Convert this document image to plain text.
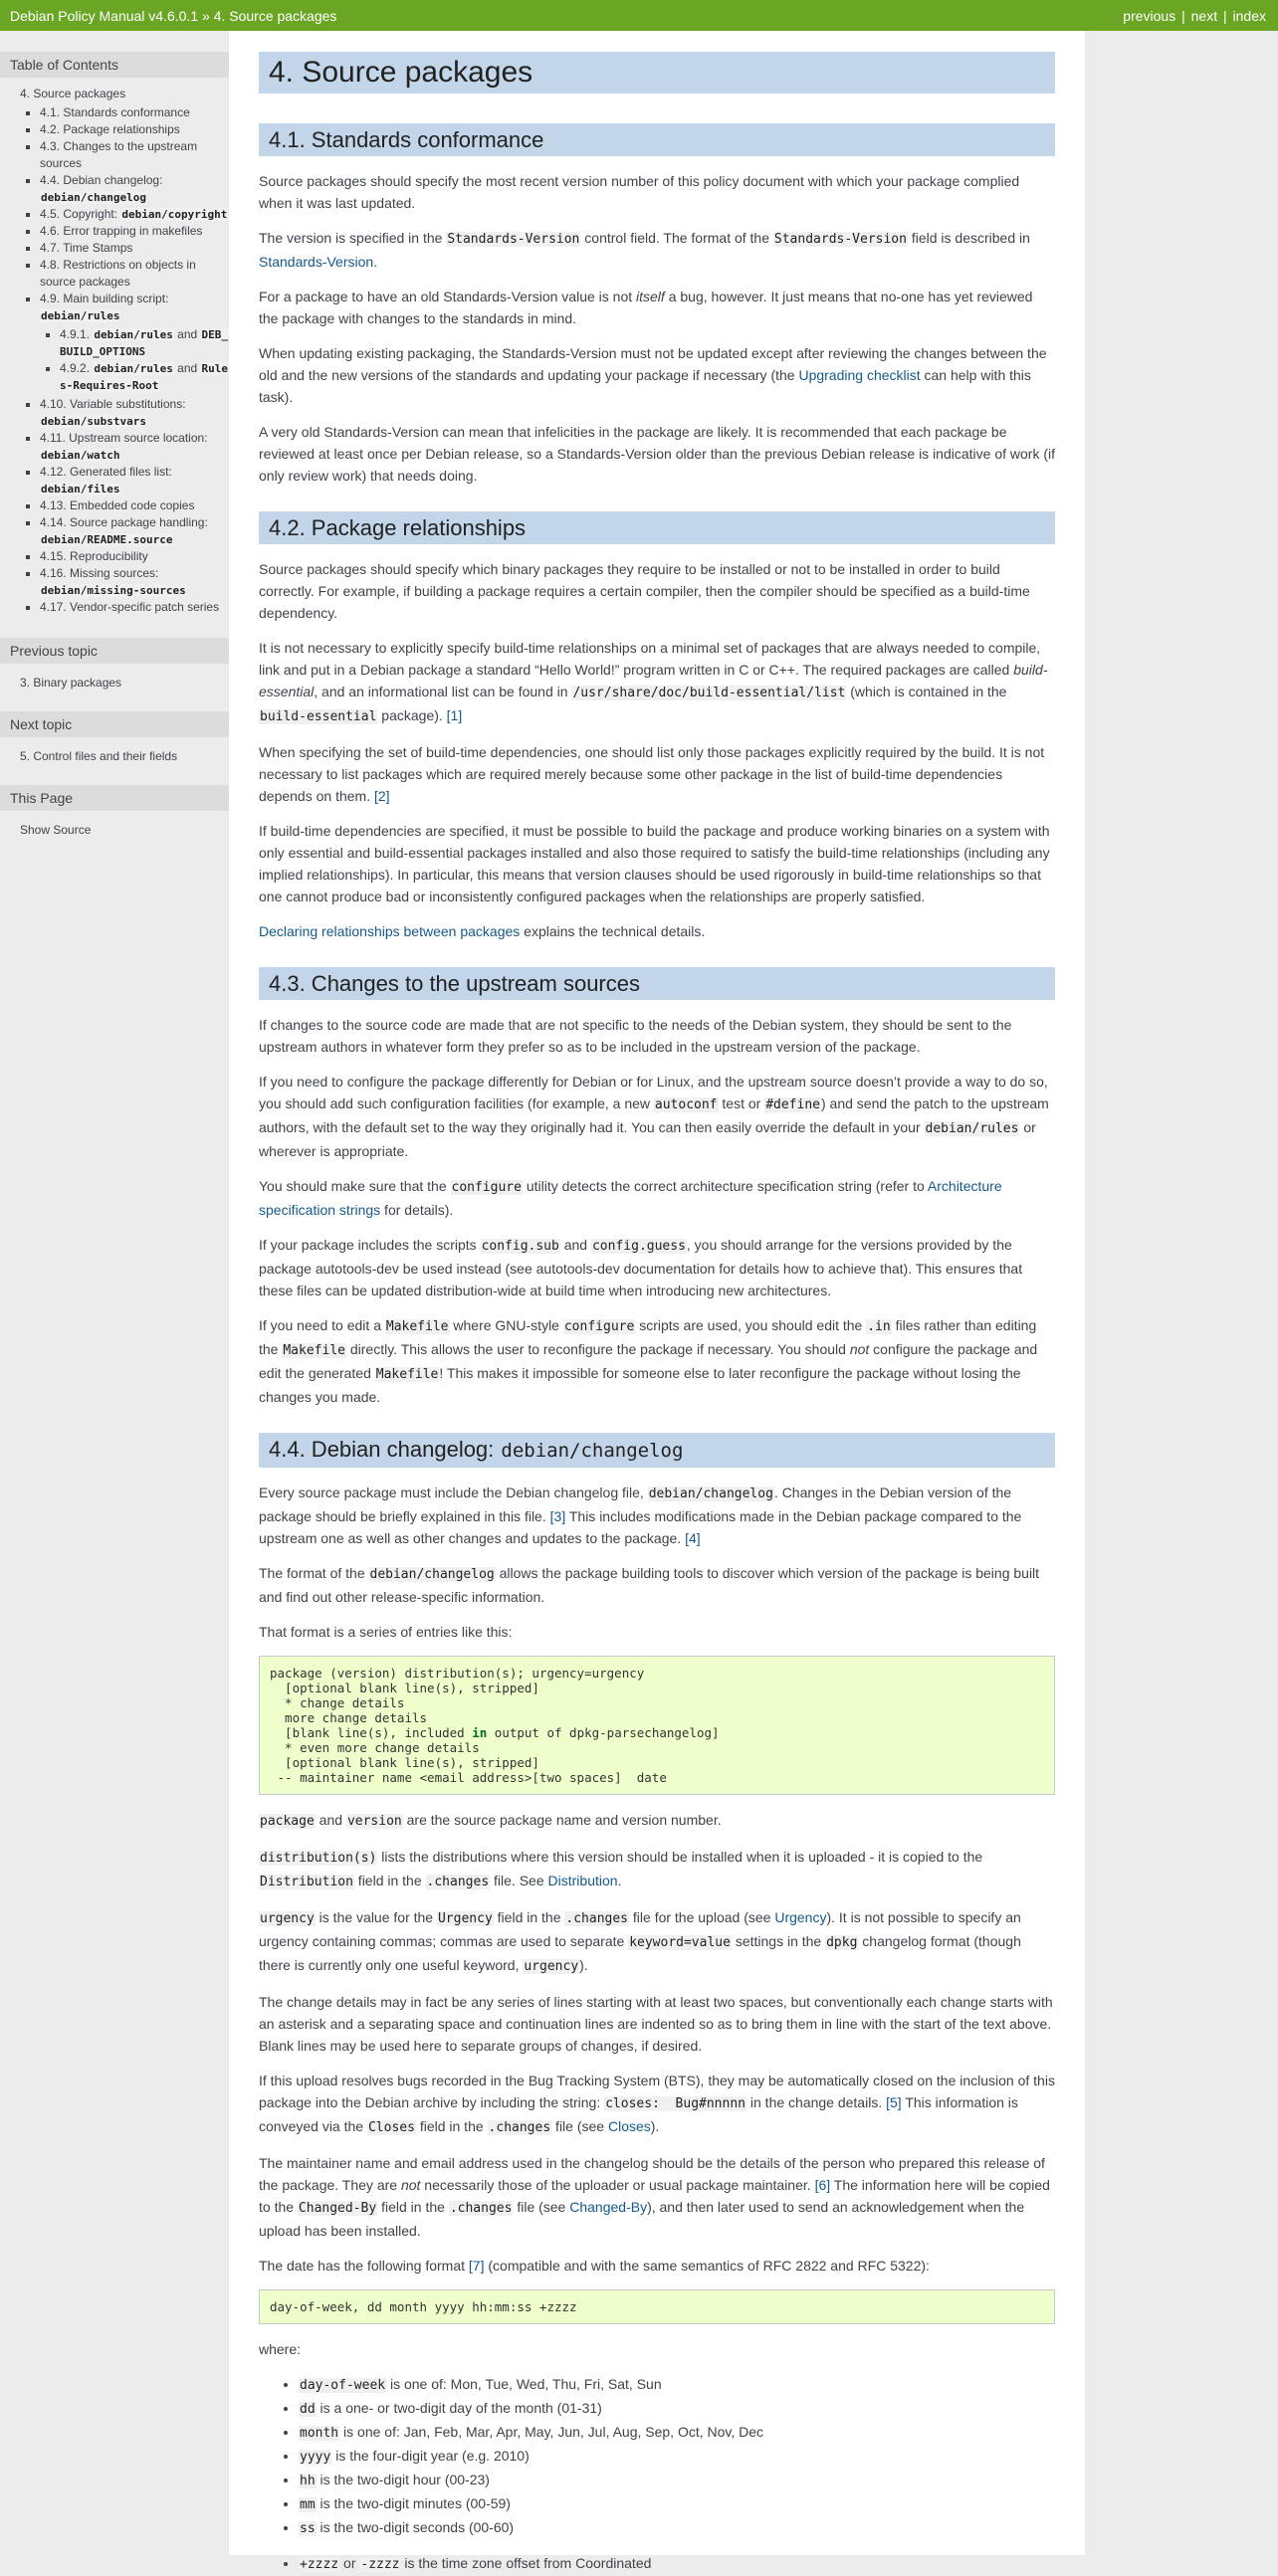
Debian Policy Manual v4.6.0.1 » 4. Source packages	previous | next | index
Table of Contents
4. Source packages
▪ 4.1. Standards conformance
▪ 4.2. Package relationships
▪ 4.3. Changes to the upstream sources
▪ 4.4. Debian changelog: debian/changelog
▪ 4.5. Copyright: debian/copyright
▪ 4.6. Error trapping in makefiles
▪ 4.7. Time Stamps
▪ 4.8. Restrictions on objects in source packages
▪ 4.9. Main building script: debian/rules
▪ 4.9.1. debian/rules and DEB_BUILD_OPTIONS
▪ 4.9.2. debian/rules and Rules-Requires-Root
▪ 4.10. Variable substitutions: debian/substvars
▪ 4.11. Upstream source location: debian/watch
▪ 4.12. Generated files list: debian/files
▪ 4.13. Embedded code copies
▪ 4.14. Source package handling: debian/README.source
▪ 4.15. Reproducibility
▪ 4.16. Missing sources: debian/missing-sources
▪ 4.17. Vendor-specific patch series
Previous topic

3. Binary packages

Next topic

5. Control files and their fields

This Page

Show Source

4. Source packages
4.1. Standards conformance

Source packages should specify the most recent version number of this policy document with which your package complied when it was last updated.

The version is specified in the Standards-Version control field. The format of the Standards-Version field is described in Standards-Version.

For a package to have an old Standards-Version value is not itself a bug, however. It just means that no-one has yet reviewed the package with changes to the standards in mind.

When updating existing packaging, the Standards-Version must not be updated except after reviewing the changes between the old and the new versions of the standards and updating your package if necessary (the Upgrading checklist can help with this task).

A very old Standards-Version can mean that infelicities in the package are likely. It is recommended that each package be reviewed at least once per Debian release, so a Standards-Version older than the previous Debian release is indicative of work (if only review work) that needs doing.

4.2. Package relationships

Source packages should specify which binary packages they require to be installed or not to be installed in order to build correctly. For example, if building a package requires a certain compiler, then the compiler should be specified as a build-time dependency.

It is not necessary to explicitly specify build-time relationships on a minimal set of packages that are always needed to compile, link and put in a Debian package a standard “Hello World!” program written in C or C++. The required packages are called build-essential, and an informational list can be found in /usr/share/doc/build-essential/list (which is contained in the build-essential package). [1]

When specifying the set of build-time dependencies, one should list only those packages explicitly required by the build. It is not necessary to list packages which are required merely because some other package in the list of build-time dependencies depends on them. [2]

If build-time dependencies are specified, it must be possible to build the package and produce working binaries on a system with only essential and build-essential packages installed and also those required to satisfy the build-time relationships (including any implied relationships). In particular, this means that version clauses should be used rigorously in build-time relationships so that one cannot produce bad or inconsistently configured packages when the relationships are properly satisfied.

Declaring relationships between packages explains the technical details.

4.3. Changes to the upstream sources

If changes to the source code are made that are not specific to the needs of the Debian system, they should be sent to the upstream authors in whatever form they prefer so as to be included in the upstream version of the package.

If you need to configure the package differently for Debian or for Linux, and the upstream source doesn’t provide a way to do so, you should add such configuration facilities (for example, a new autoconf test or #define) and send the patch to the upstream authors, with the default set to the way they originally had it. You can then easily override the default in your debian/rules or wherever is appropriate.

You should make sure that the configure utility detects the correct architecture specification string (refer to Architecture specification strings for details).

If your package includes the scripts config.sub and config.guess, you should arrange for the versions provided by the package autotools-dev be used instead (see autotools-dev documentation for details how to achieve that). This ensures that these files can be updated distribution-wide at build time when introducing new architectures.

If you need to edit a Makefile where GNU-style configure scripts are used, you should edit the .in files rather than editing the Makefile directly. This allows the user to reconfigure the package if necessary. You should not configure the package and edit the generated Makefile! This makes it impossible for someone else to later reconfigure the package without losing the changes you made.

4.4. Debian changelog: debian/changelog

Every source package must include the Debian changelog file, debian/changelog. Changes in the Debian version of the package should be briefly explained in this file. [3] This includes modifications made in the Debian package compared to the upstream one as well as other changes and updates to the package. [4]

The format of the debian/changelog allows the package building tools to discover which version of the package is being built and find out other release-specific information.

That format is a series of entries like this:

package (version) distribution(s); urgency=urgency
[optional blank line(s), stripped]
* change details
more change details
[blank line(s), included in output of dpkg-parsechangelog]
* even more change details
[optional blank line(s), stripped]
-- maintainer name <email address>[two spaces]  date

package and version are the source package name and version number.

distribution(s) lists the distributions where this version should be installed when it is uploaded - it is copied to the Distribution field in the .changes file. See Distribution.

urgency is the value for the Urgency field in the .changes file for the upload (see Urgency). It is not possible to specify an urgency containing commas; commas are used to separate keyword=value settings in the dpkg changelog format (though there is currently only one useful keyword, urgency).

The change details may in fact be any series of lines starting with at least two spaces, but conventionally each change starts with an asterisk and a separating space and continuation lines are indented so as to bring them in line with the start of the text above. Blank lines may be used here to separate groups of changes, if desired.

If this upload resolves bugs recorded in the Bug Tracking System (BTS), they may be automatically closed on the inclusion of this package into the Debian archive by including the string: closes:  Bug#nnnnn in the change details. [5] This information is conveyed via the Closes field in the .changes file (see Closes).

The maintainer name and email address used in the changelog should be the details of the person who prepared this release of the package. They are not necessarily those of the uploader or usual package maintainer. [6] The information here will be copied to the Changed-By field in the .changes file (see Changed-By), and then later used to send an acknowledgement when the upload has been installed.

The date has the following format [7] (compatible and with the same semantics of RFC 2822 and RFC 5322):

day-of-week, dd month yyyy hh:mm:ss +zzzz

where:

• day-of-week is one of: Mon, Tue, Wed, Thu, Fri, Sat, Sun
• dd is a one- or two-digit day of the month (01-31)
• month is one of: Jan, Feb, Mar, Apr, May, Jun, Jul, Aug, Sep, Oct, Nov, Dec
• yyyy is the four-digit year (e.g. 2010)
• hh is the two-digit hour (00-23)
• mm is the two-digit minutes (00-59)
• ss is the two-digit seconds (00-60)
• +zzzz or -zzzz is the time zone offset from Coordinated
